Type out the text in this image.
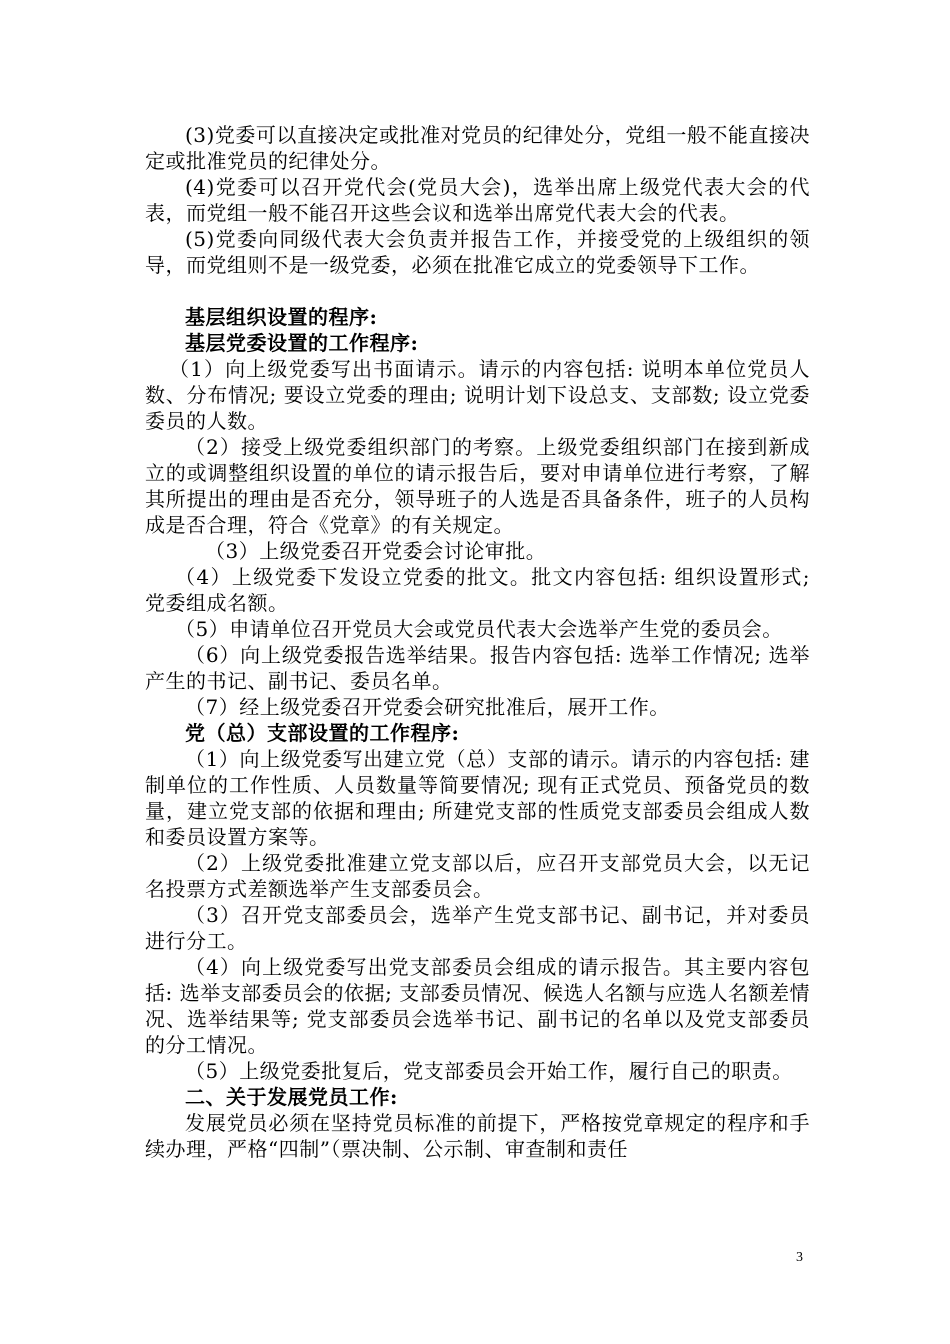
(3)党委可以直接决定或批准对党员的纪律处分，党组一般不能直接决定或批准党员的纪律处分。

(4)党委可以召开党代会(党员大会)，选举出席上级党代表大会的代表，而党组一般不能召开这些会议和选举出席党代表大会的代表。

(5)党委向同级代表大会负责并报告工作，并接受党的上级组织的领导，而党组则不是一级党委，必须在批准它成立的党委领导下工作。

基层组织设置的程序:

基层党委设置的工作程序:

（1）向上级党委写出书面请示。请示的内容包括: 说明本单位党员人数、分布情况; 要设立党委的理由; 说明计划下设总支、支部数; 设立党委委员的人数。

（2）接受上级党委组织部门的考察。上级党委组织部门在接到新成立的或调整组织设置的单位的请示报告后，要对申请单位进行考察，了解其所提出的理由是否充分，领导班子的人选是否具备条件，班子的人员构成是否合理，符合《党章》的有关规定。

（3）上级党委召开党委会讨论审批。

（4）上级党委下发设立党委的批文。批文内容包括: 组织设置形式; 党委组成名额。

（5）申请单位召开党员大会或党员代表大会选举产生党的委员会。

（6）向上级党委报告选举结果。报告内容包括: 选举工作情况; 选举产生的书记、副书记、委员名单。

（7）经上级党委召开党委会研究批准后，展开工作。

党（总）支部设置的工作程序:

（1）向上级党委写出建立党（总）支部的请示。请示的内容包括: 建制单位的工作性质、人员数量等简要情况; 现有正式党员、预备党员的数量，建立党支部的依据和理由; 所建党支部的性质党支部委员会组成人数和委员设置方案等。

（2）上级党委批准建立党支部以后，应召开支部党员大会，以无记名投票方式差额选举产生支部委员会。

（3）召开党支部委员会，选举产生党支部书记、副书记，并对委员进行分工。

（4）向上级党委写出党支部委员会组成的请示报告。其主要内容包括: 选举支部委员会的依据; 支部委员情况、候选人名额与应选人名额差情况、选举结果等; 党支部委员会选举书记、副书记的名单以及党支部委员的分工情况。

（5）上级党委批复后，党支部委员会开始工作，履行自己的职责。

二、关于发展党员工作:

发展党员必须在坚持党员标准的前提下，严格按党章规定的程序和手续办理，严格“四制”（票决制、公示制、审查制和责任

3
